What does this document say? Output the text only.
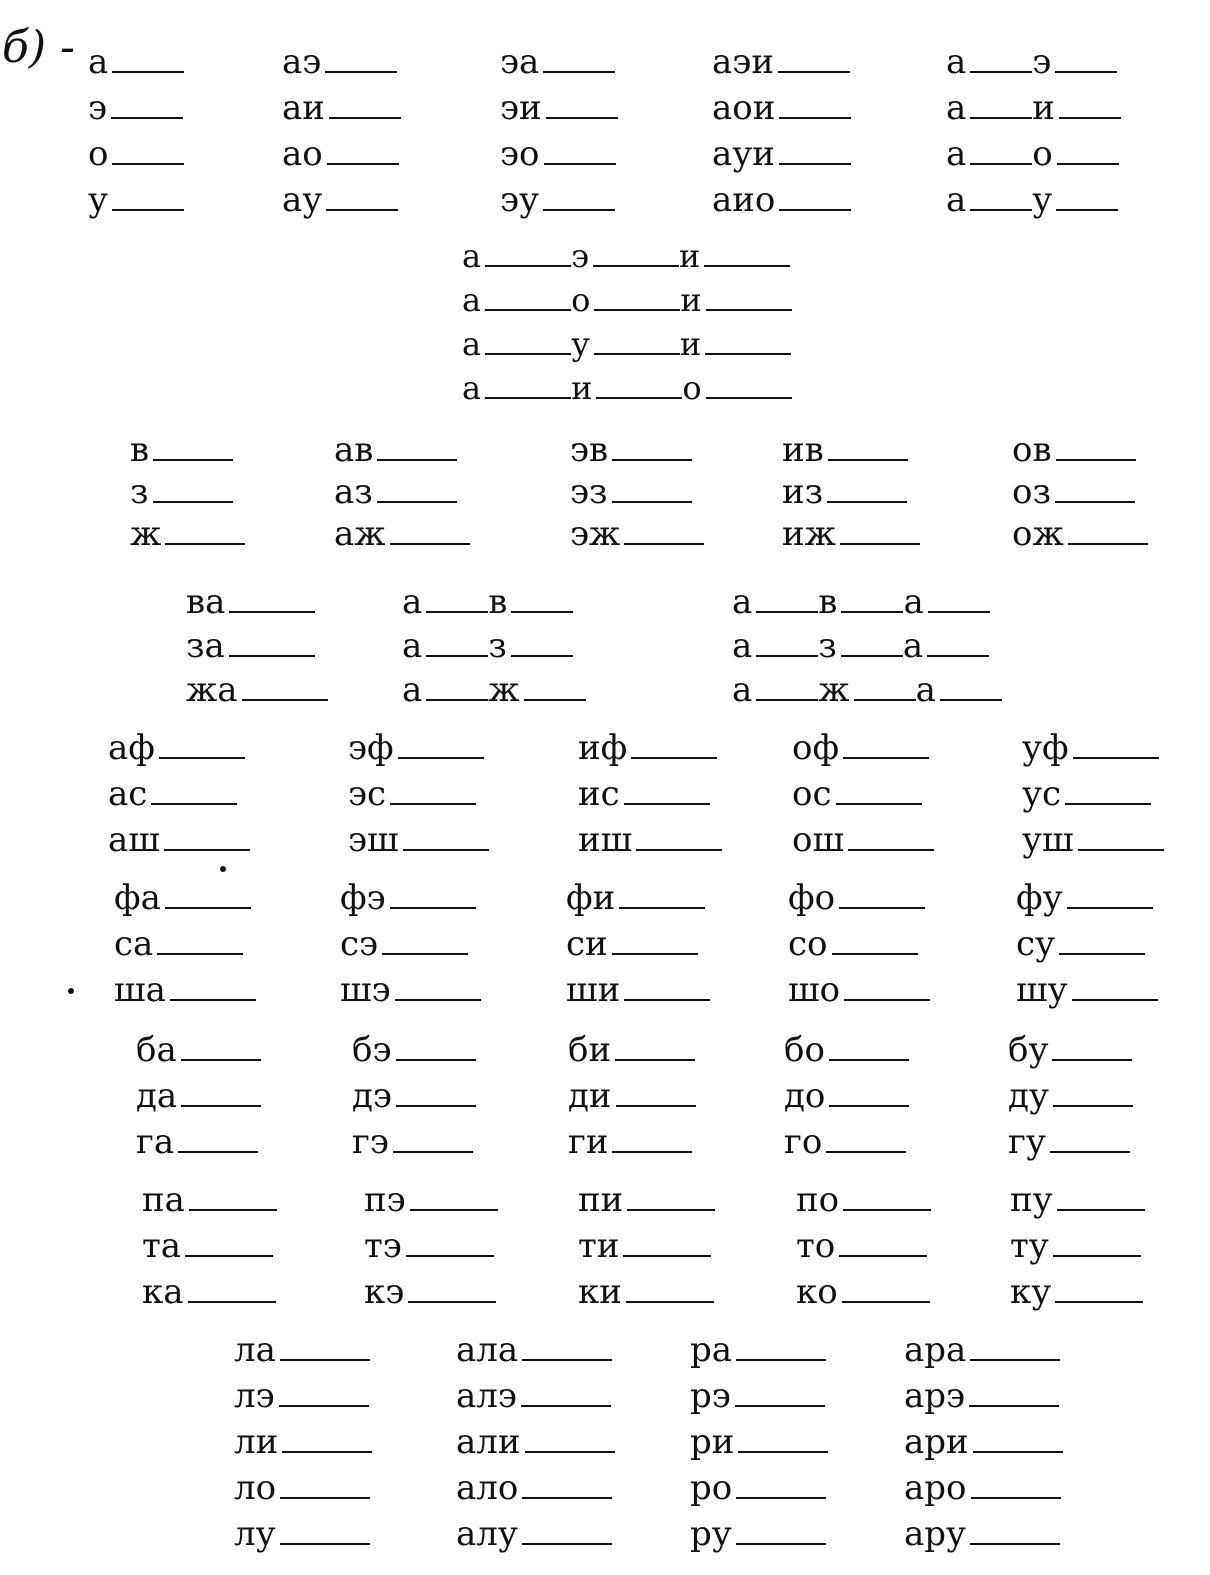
б) - а	аэ	эа	аэи	а э
э	аи	эи	аои	а и
о	ао	эо	ауи	а о
у	ау	эу	аио	а у
в	ав	эв	ив	ов
з	аз	эз	из	оз
ж	аж	эж	иж	ож
аф	эф	иф	оф	уф
ас	эс	ис	ос	ус
аш	эш	иш	ош	уш
фа	фэ	фи	фо	фу
са	сэ	си	со	су
ша	шэ	ши	шо	шу
ба	бэ	би	бо	бу
да	дэ	ди	до	ду
га	гэ	ги	го	гу
па	пэ	пи	по	пу
та	тэ	ти	то	ту
ка	кэ	ки	ко	ку
ла	ала	ра	ара
лэ	алэ	рэ	арэ
ли	али	ри	ари
ло	ало	ро	аро
лу	алу	ру	ару
а	э	и
а	о	и
а	у	и
а	и	о
ва	а в	а в а
за	а з	а з а
жа	а ж	а ж а
